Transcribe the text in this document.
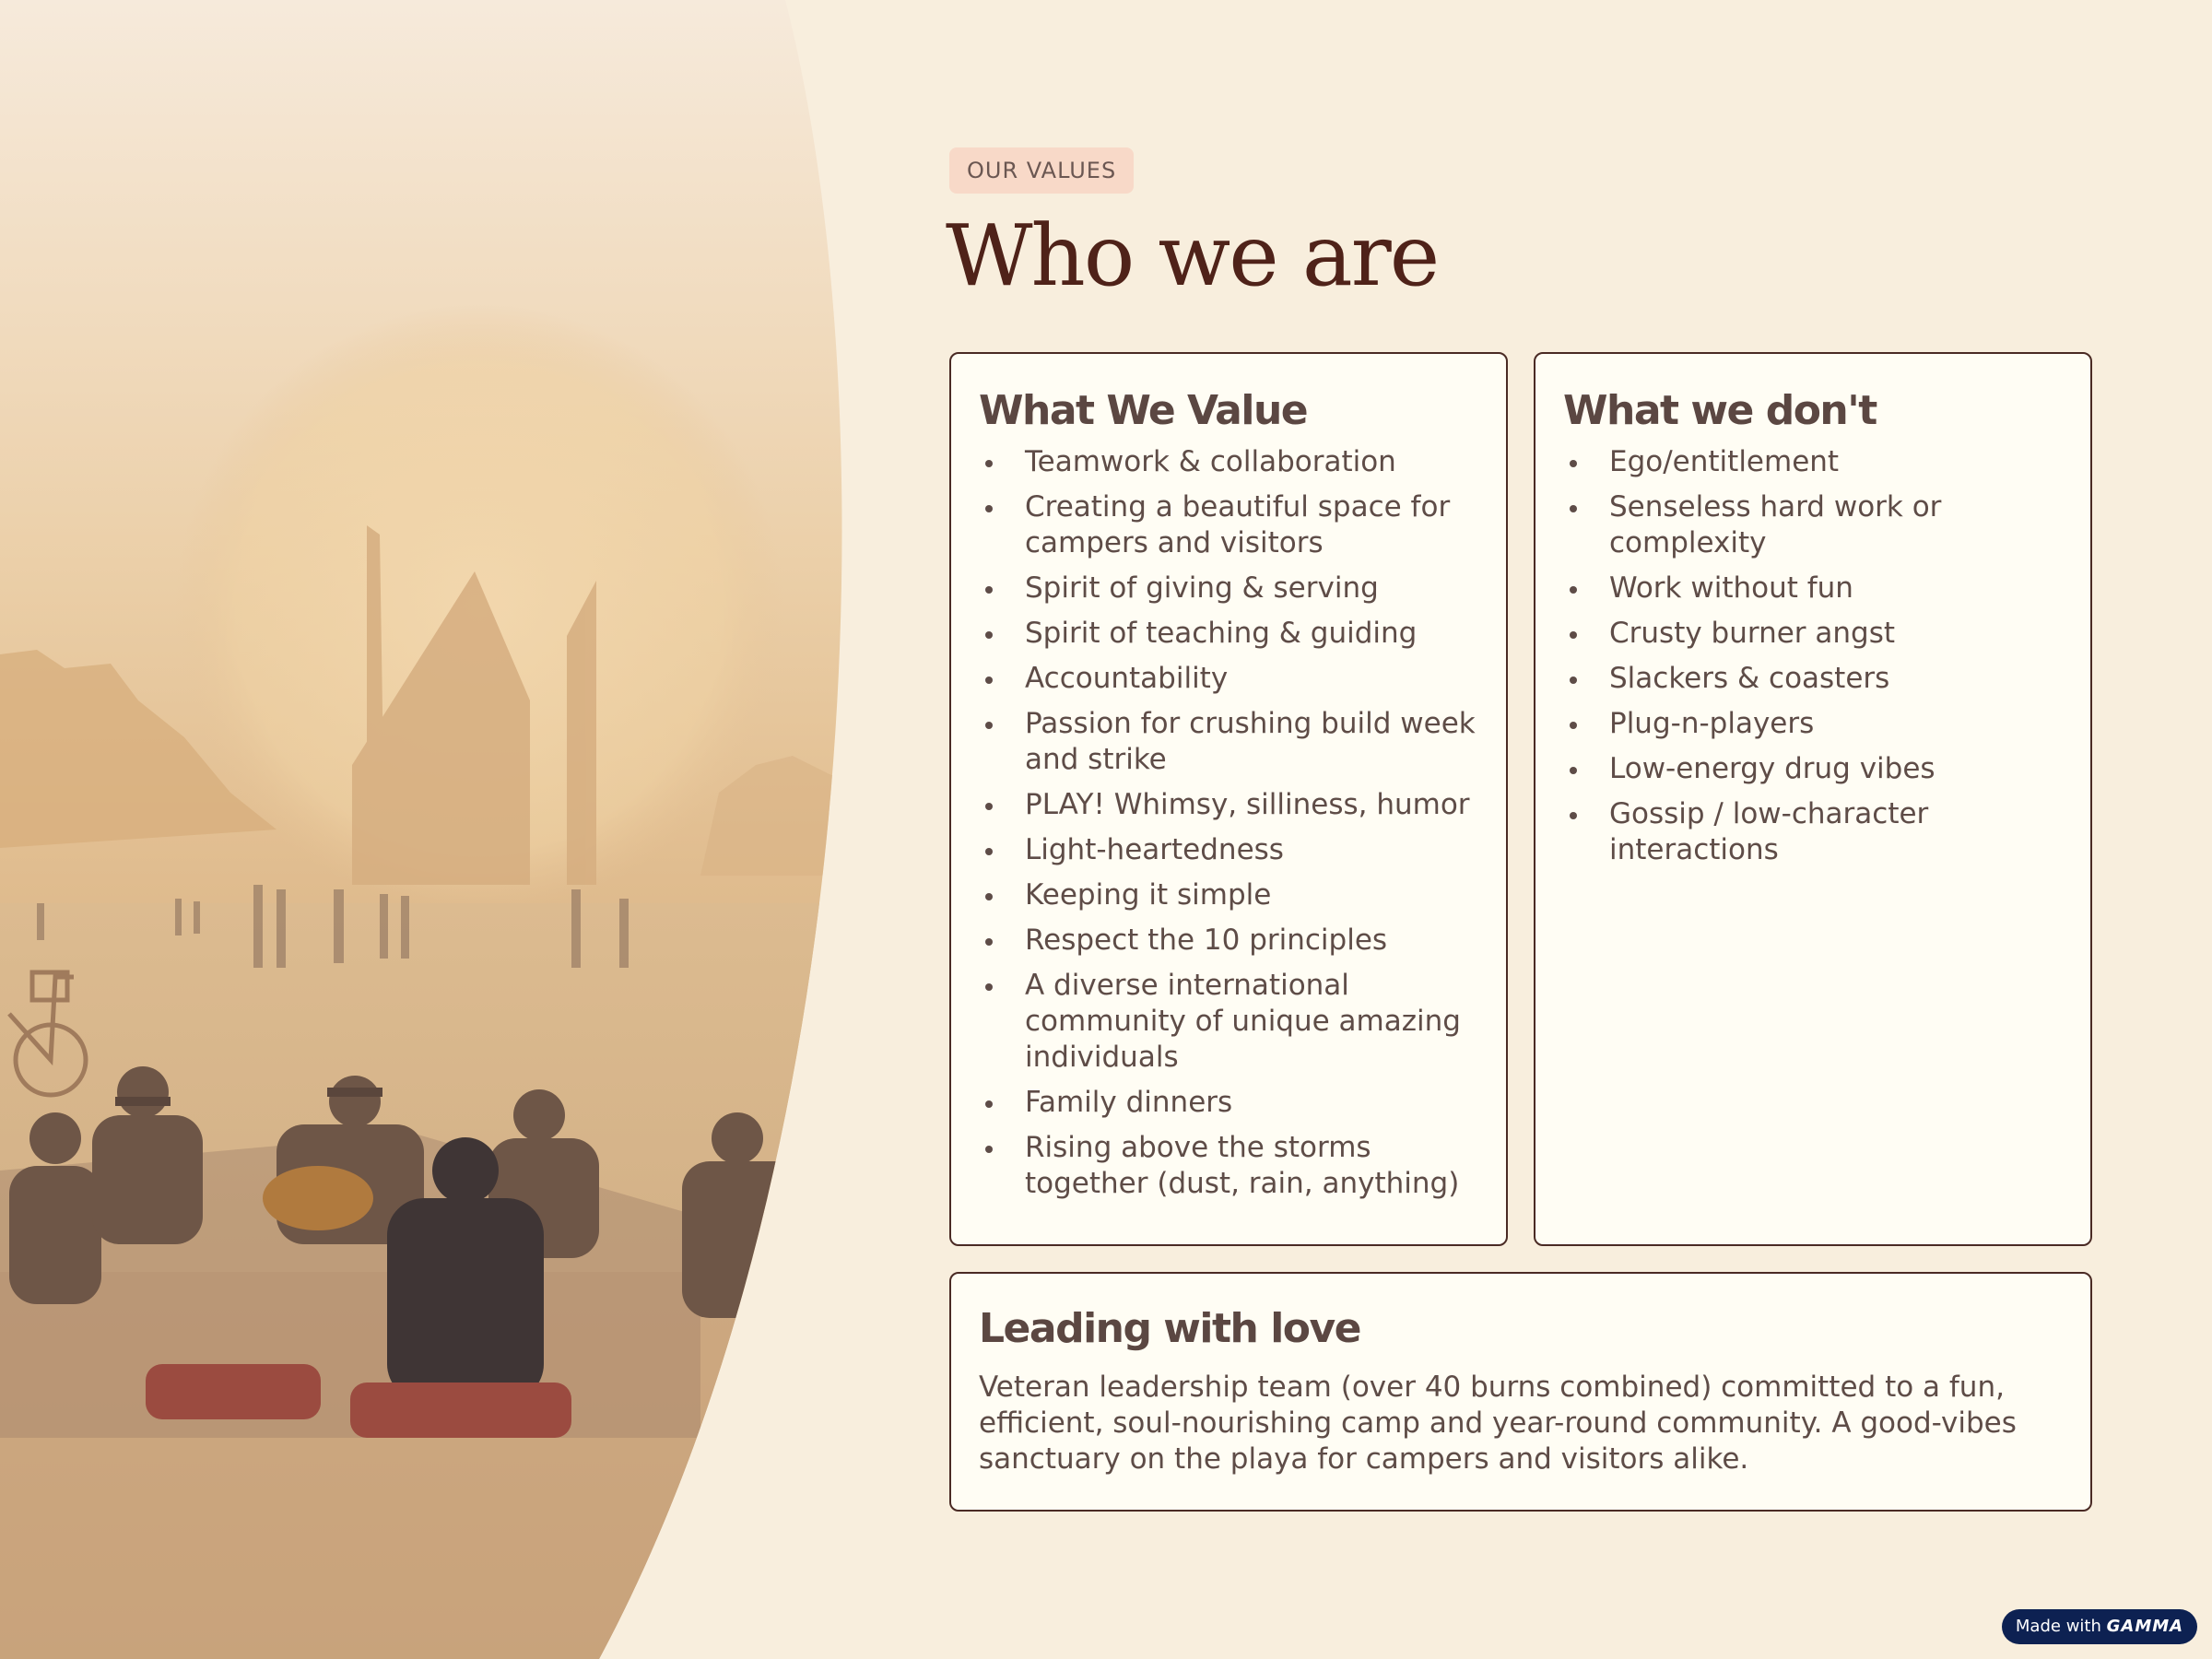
OUR VALUES
Who we are
What We Value
Teamwork & collaboration
Creating a beautiful space for campers and visitors
Spirit of giving & serving
Spirit of teaching & guiding
Accountability
Passion for crushing build week and strike
PLAY! Whimsy, silliness, humor
Light-heartedness
Keeping it simple
Respect the 10 principles
A diverse international community of unique amazing individuals
Family dinners
Rising above the storms together (dust, rain, anything)
What we don't
Ego/entitlement
Senseless hard work or complexity
Work without fun
Crusty burner angst
Slackers & coasters
Plug-n-players
Low-energy drug vibes
Gossip / low-character interactions
Leading with love

Veteran leadership team (over 40 burns combined) committed to a fun, efficient, soul-nourishing camp and year-round community. A good-vibes sanctuary on the playa for campers and visitors alike.

Made with GAMMA
